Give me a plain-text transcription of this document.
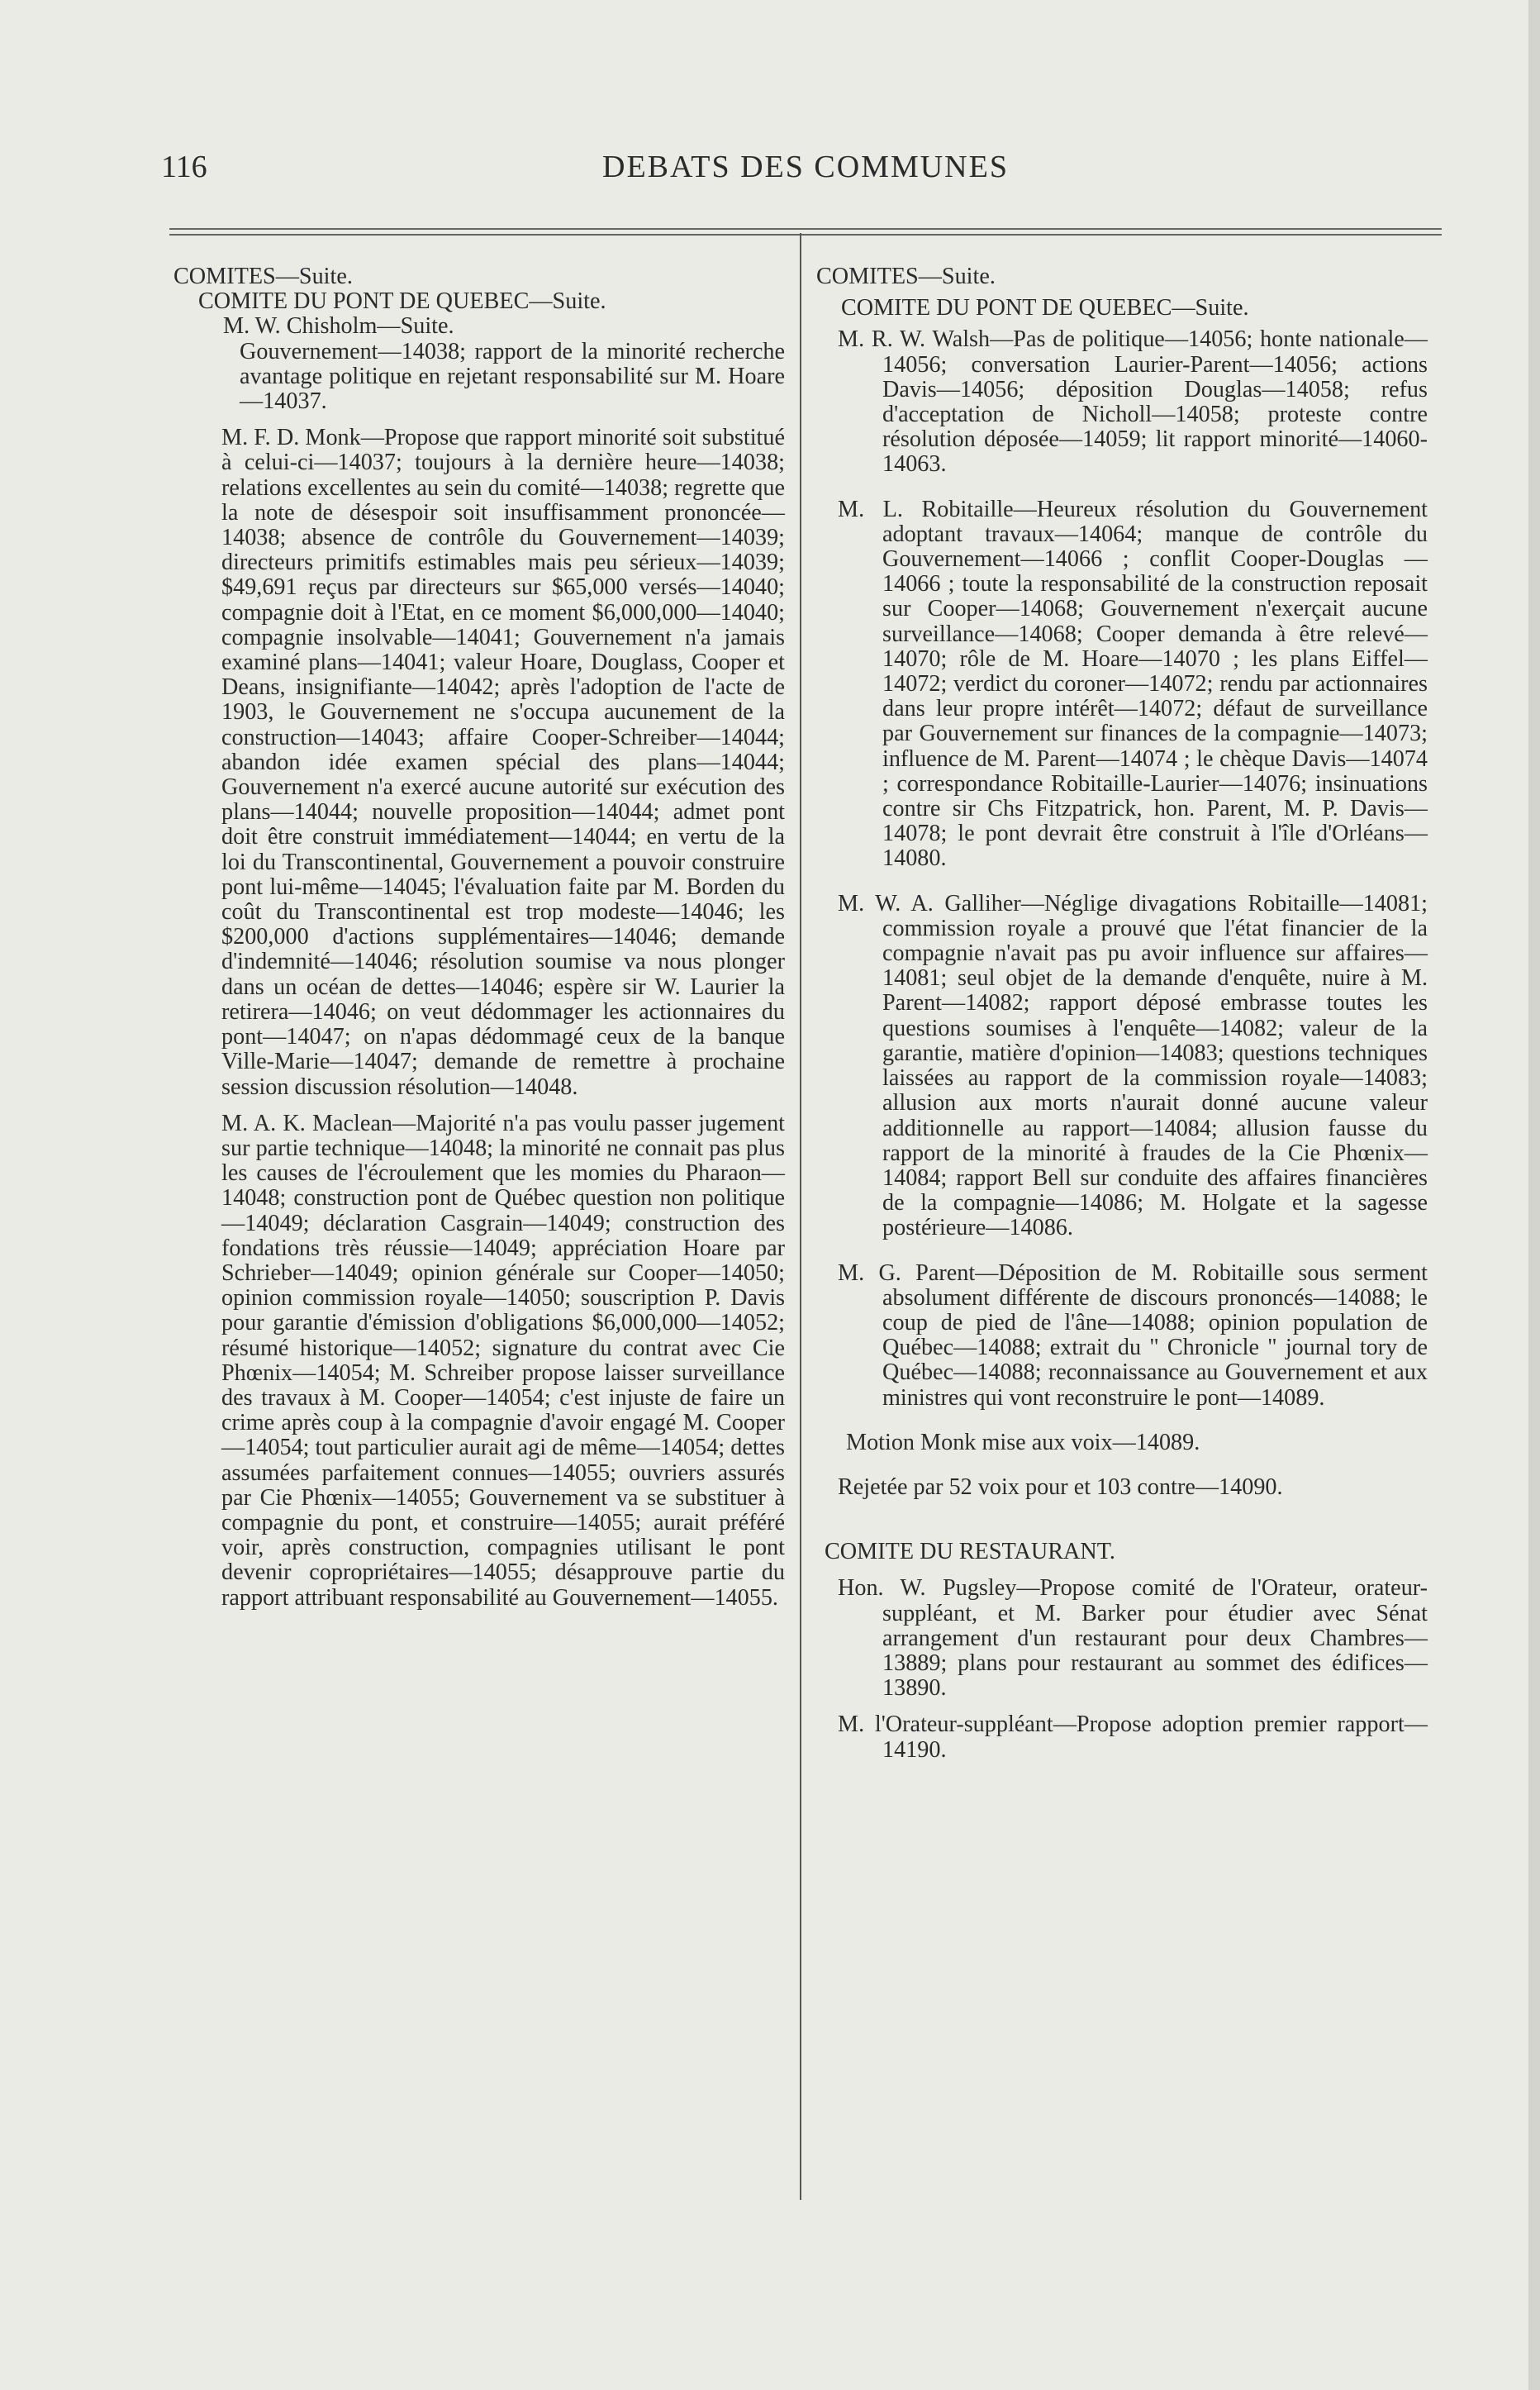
116	DEBATS DES COMMUNES
COMITES—Suite.
COMITE DU PONT DE QUEBEC—Suite.
M. W. Chisholm—Suite.

Gouvernement—14038; rapport de la minorité recherche avantage politique en rejetant responsabilité sur M. Hoare—14037.

M. F. D. Monk—Propose que rapport minorité soit substitué à celui-ci—14037; toujours à la dernière heure—14038; relations excellentes au sein du comité—14038; regrette que la note de désespoir soit insuffisamment prononcée—14038; absence de contrôle du Gouvernement—14039; directeurs primitifs estimables mais peu sérieux—14039; $49,691 reçus par directeurs sur $65,000 versés—14040; compagnie doit à l'Etat, en ce moment $6,000,000—14040; compagnie insolvable—14041; Gouvernement n'a jamais examiné plans—14041; valeur Hoare, Douglass, Cooper et Deans, insignifiante—14042; après l'adoption de l'acte de 1903, le Gouvernement ne s'occupa aucunement de la construction—14043; affaire Cooper-Schreiber—14044; abandon idée examen spécial des plans—14044; Gouvernement n'a exercé aucune autorité sur exécution des plans—14044; nouvelle proposition—14044; admet pont doit être construit immédiatement—14044; en vertu de la loi du Transcontinental, Gouvernement a pouvoir construire pont lui-même—14045; l'évaluation faite par M. Borden du coût du Transcontinental est trop modeste—14046; les $200,000 d'actions supplémentaires—14046; demande d'indemnité—14046; résolution soumise va nous plonger dans un océan de dettes—14046; espère sir W. Laurier la retirera—14046; on veut dédommager les actionnaires du pont—14047; on n'apas dédommagé ceux de la banque Ville-Marie—14047; demande de remettre à prochaine session discussion résolution—14048.

M. A. K. Maclean—Majorité n'a pas voulu passer jugement sur partie technique—14048; la minorité ne connait pas plus les causes de l'écroulement que les momies du Pharaon—14048; construction pont de Québec question non politique—14049; déclaration Casgrain—14049; construction des fondations très réussie—14049; appréciation Hoare par Schrieber—14049; opinion générale sur Cooper—14050; opinion commission royale—14050; souscription P. Davis pour garantie d'émission d'obligations $6,000,000—14052; résumé historique—14052; signature du contrat avec Cie Phœnix—14054; M. Schreiber propose laisser surveillance des travaux à M. Cooper—14054; c'est injuste de faire un crime après coup à la compagnie d'avoir engagé M. Cooper—14054; tout particulier aurait agi de même—14054; dettes assumées parfaitement connues—14055; ouvriers assurés par Cie Phœnix—14055; Gouvernement va se substituer à compagnie du pont, et construire—14055; aurait préféré voir, après construction, compagnies utilisant le pont devenir copropriétaires—14055; désapprouve partie du rapport attribuant responsabilité au Gouvernement—14055.

COMITES—Suite.
COMITE DU PONT DE QUEBEC—Suite.

M. R. W. Walsh—Pas de politique—14056; honte nationale—14056; conversation Laurier-Parent—14056; actions Davis—14056; déposition Douglas—14058; refus d'acceptation de Nicholl—14058; proteste contre résolution déposée—14059; lit rapport minorité—14060-14063.

M. L. Robitaille—Heureux résolution du Gouvernement adoptant travaux—14064; manque de contrôle du Gouvernement—14066 ; conflit Cooper-Douglas — 14066 ; toute la responsabilité de la construction reposait sur Cooper—14068; Gouvernement n'exerçait aucune surveillance—14068; Cooper demanda à être relevé—14070; rôle de M. Hoare—14070 ; les plans Eiffel—14072; verdict du coroner—14072; rendu par actionnaires dans leur propre intérêt—14072; défaut de surveillance par Gouvernement sur finances de la compagnie—14073; influence de M. Parent—14074 ; le chèque Davis—14074 ; correspondance Robitaille-Laurier—14076; insinuations contre sir Chs Fitzpatrick, hon. Parent, M. P. Davis—14078; le pont devrait être construit à l'île d'Orléans—14080.

M. W. A. Galliher—Néglige divagations Robitaille—14081; commission royale a prouvé que l'état financier de la compagnie n'avait pas pu avoir influence sur affaires—14081; seul objet de la demande d'enquête, nuire à M. Parent—14082; rapport déposé embrasse toutes les questions soumises à l'enquête—14082; valeur de la garantie, matière d'opinion—14083; questions techniques laissées au rapport de la commission royale—14083; allusion aux morts n'aurait donné aucune valeur additionnelle au rapport—14084; allusion fausse du rapport de la minorité à fraudes de la Cie Phœnix—14084; rapport Bell sur conduite des affaires financières de la compagnie—14086; M. Holgate et la sagesse postérieure—14086.

M. G. Parent—Déposition de M. Robitaille sous serment absolument différente de discours prononcés—14088; le coup de pied de l'âne—14088; opinion population de Québec—14088; extrait du " Chronicle " journal tory de Québec—14088; reconnaissance au Gouvernement et aux ministres qui vont reconstruire le pont—14089.

Motion Monk mise aux voix—14089.

Rejetée par 52 voix pour et 103 contre—14090.

COMITE DU RESTAURANT.

Hon. W. Pugsley—Propose comité de l'Orateur, orateur-suppléant, et M. Barker pour étudier avec Sénat arrangement d'un restaurant pour deux Chambres—13889; plans pour restaurant au sommet des édifices—13890.

M. l'Orateur-suppléant—Propose adoption premier rapport—14190.
